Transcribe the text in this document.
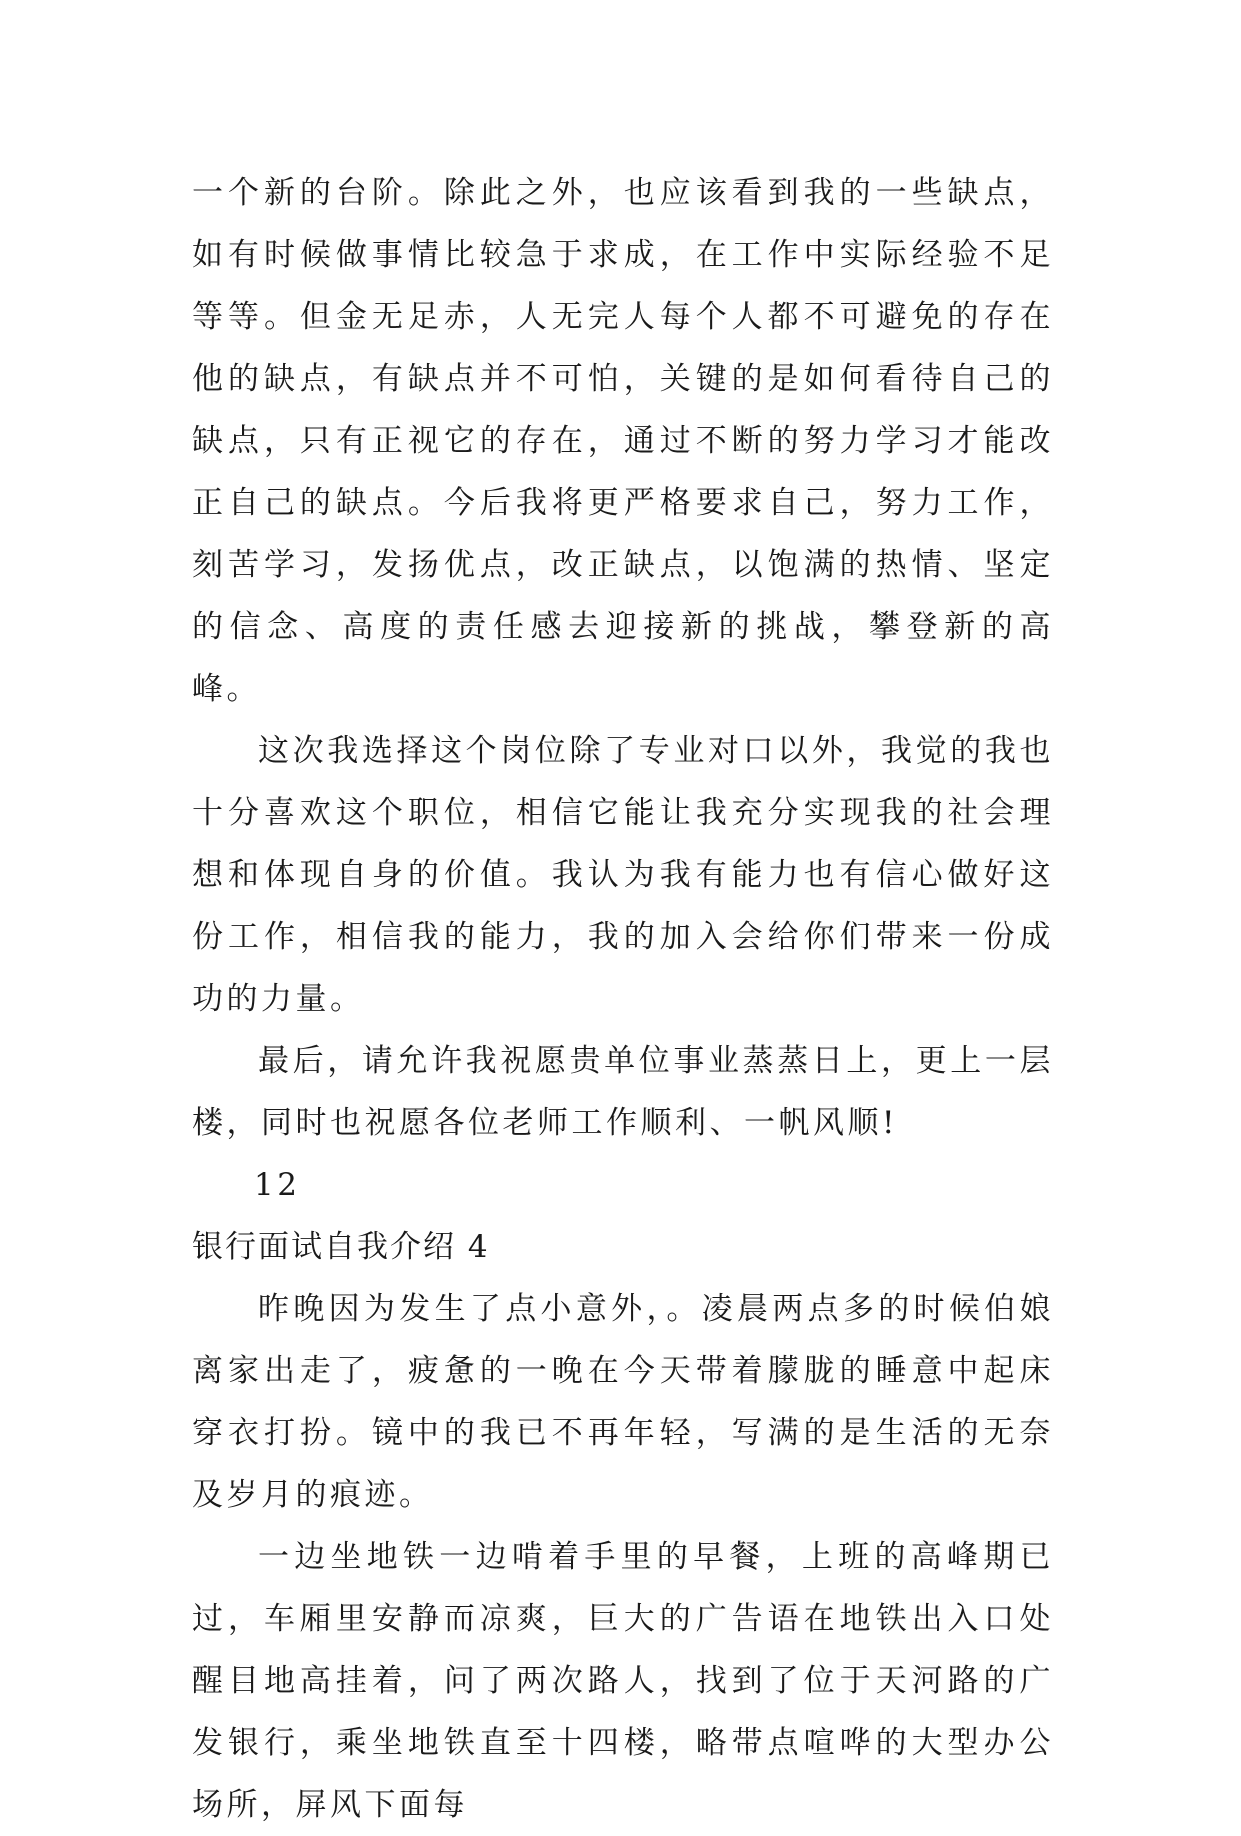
一个新的台阶。除此之外，也应该看到我的一些缺点，如有时候做事情比较急于求成，在工作中实际经验不足等等。但金无足赤，人无完人每个人都不可避免的存在他的缺点，有缺点并不可怕，关键的是如何看待自己的缺点，只有正视它的存在，通过不断的努力学习才能改正自己的缺点。今后我将更严格要求自己，努力工作，刻苦学习，发扬优点，改正缺点，以饱满的热情、坚定的信念、高度的责任感去迎接新的挑战，攀登新的高峰。

这次我选择这个岗位除了专业对口以外，我觉的我也十分喜欢这个职位，相信它能让我充分实现我的社会理想和体现自身的价值。我认为我有能力也有信心做好这份工作，相信我的能力，我的加入会给你们带来一份成功的力量。

最后，请允许我祝愿贵单位事业蒸蒸日上，更上一层楼，同时也祝愿各位老师工作顺利、一帆风顺!

12

银行面试自我介绍 4

昨晚因为发生了点小意外，。凌晨两点多的时候伯娘离家出走了，疲惫的一晚在今天带着朦胧的睡意中起床穿衣打扮。镜中的我已不再年轻，写满的是生活的无奈及岁月的痕迹。

一边坐地铁一边啃着手里的早餐，上班的高峰期已过，车厢里安静而凉爽，巨大的广告语在地铁出入口处醒目地高挂着，问了两次路人，找到了位于天河路的广发银行，乘坐地铁直至十四楼，略带点喧哗的大型办公场所，屏风下面每
